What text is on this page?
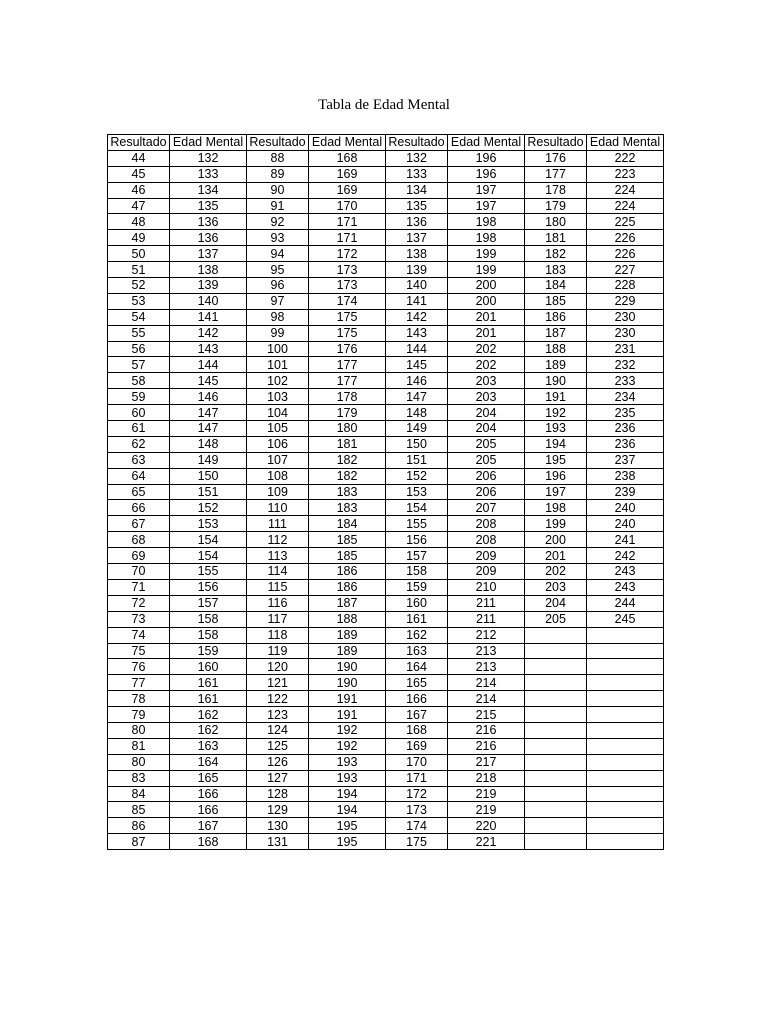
Tabla de Edad Mental
Resultado	Edad Mental	Resultado	Edad Mental	Resultado	Edad Mental	Resultado	Edad Mental
44	132	88	168	132	196	176	222
45	133	89	169	133	196	177	223
46	134	90	169	134	197	178	224
47	135	91	170	135	197	179	224
48	136	92	171	136	198	180	225
49	136	93	171	137	198	181	226
50	137	94	172	138	199	182	226
51	138	95	173	139	199	183	227
52	139	96	173	140	200	184	228
53	140	97	174	141	200	185	229
54	141	98	175	142	201	186	230
55	142	99	175	143	201	187	230
56	143	100	176	144	202	188	231
57	144	101	177	145	202	189	232
58	145	102	177	146	203	190	233
59	146	103	178	147	203	191	234
60	147	104	179	148	204	192	235
61	147	105	180	149	204	193	236
62	148	106	181	150	205	194	236
63	149	107	182	151	205	195	237
64	150	108	182	152	206	196	238
65	151	109	183	153	206	197	239
66	152	110	183	154	207	198	240
67	153	111	184	155	208	199	240
68	154	112	185	156	208	200	241
69	154	113	185	157	209	201	242
70	155	114	186	158	209	202	243
71	156	115	186	159	210	203	243
72	157	116	187	160	211	204	244
73	158	117	188	161	211	205	245
74	158	118	189	162	212		
75	159	119	189	163	213		
76	160	120	190	164	213		
77	161	121	190	165	214		
78	161	122	191	166	214		
79	162	123	191	167	215		
80	162	124	192	168	216		
81	163	125	192	169	216		
80	164	126	193	170	217		
83	165	127	193	171	218		
84	166	128	194	172	219		
85	166	129	194	173	219		
86	167	130	195	174	220		
87	168	131	195	175	221		
